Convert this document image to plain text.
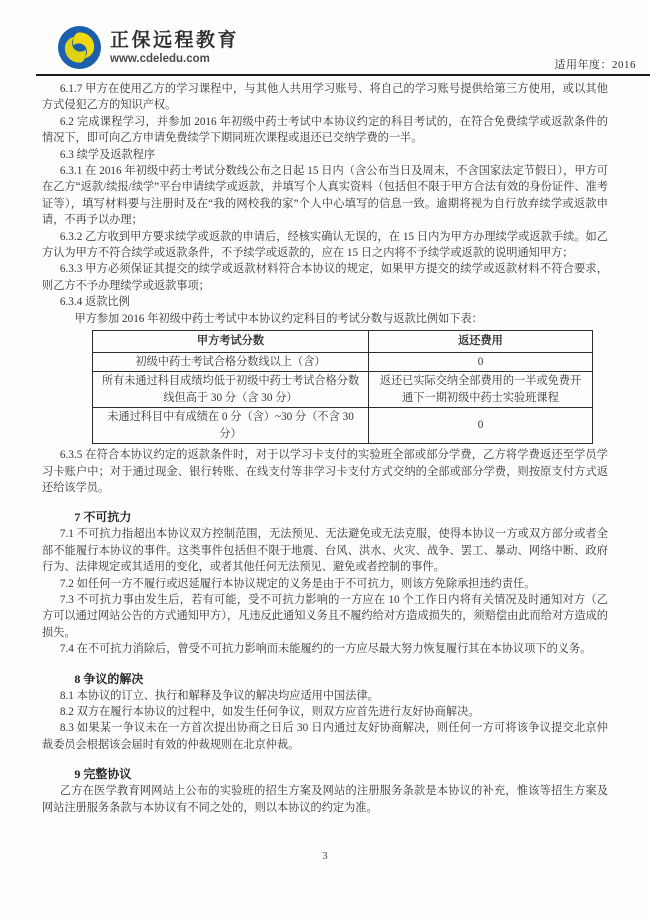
正保远程教育
www.cdeledu.com
适用年度：2016

6.1.7 甲方在使用乙方的学习课程中，与其他人共用学习账号、将自己的学习账号提供给第三方使用，或以其他方式侵犯乙方的知识产权。

6.2 完成课程学习，并参加 2016 年初级中药士考试中本协议约定的科目考试的，在符合免费续学或返款条件的情况下，即可向乙方申请免费续学下期同班次课程或退还已交纳学费的一半。

6.3 续学及返款程序

6.3.1 在 2016 年初级中药士考试分数线公布之日起 15 日内（含公布当日及周末，不含国家法定节假日），甲方可在乙方“返款/续报/续学”平台申请续学或返款，并填写个人真实资料（包括但不限于甲方合法有效的身份证件、准考证等），填写材料要与注册时及在“我的网校我的家”个人中心填写的信息一致。逾期将视为自行放弃续学或返款申请，不再予以办理；

6.3.2 乙方收到甲方要求续学或返款的申请后，经核实确认无误的，在 15 日内为甲方办理续学或返款手续。如乙方认为甲方不符合续学或返款条件，不予续学或返款的，应在 15 日之内将不予续学或返款的说明通知甲方；

6.3.3 甲方必须保证其提交的续学或返款材料符合本协议的规定，如果甲方提交的续学或返款材料不符合要求，则乙方不予办理续学或返款事项；

6.3.4 返款比例

甲方参加 2016 年初级中药士考试中本协议约定科目的考试分数与返款比例如下表：

甲方考试分数	返还费用
初级中药士考试合格分数线以上（含）	0
所有未通过科目成绩均低于初级中药士考试合格分数线但高于 30 分（含 30 分）	返还已实际交纳全部费用的一半或免费开通下一期初级中药士实验班课程
未通过科目中有成绩在 0 分（含）~30 分（不含 30 分）	0

6.3.5 在符合本协议约定的返款条件时，对于以学习卡支付的实验班全部或部分学费，乙方将学费返还至学员学习卡账户中；对于通过现金、银行转账、在线支付等非学习卡支付方式交纳的全部或部分学费，则按原支付方式返还给该学员。

7 不可抗力

7.1 不可抗力指超出本协议双方控制范围，无法预见、无法避免或无法克服，使得本协议一方或双方部分或者全部不能履行本协议的事件。这类事件包括但不限于地震、台风、洪水、火灾、战争、罢工、暴动、网络中断、政府行为、法律规定或其适用的变化，或者其他任何无法预见、避免或者控制的事件。

7.2 如任何一方不履行或迟延履行本协议规定的义务是由于不可抗力，则该方免除承担违约责任。

7.3 不可抗力事由发生后，若有可能，受不可抗力影响的一方应在 10 个工作日内将有关情况及时通知对方（乙方可以通过网站公告的方式通知甲方），凡违反此通知义务且不履约给对方造成损失的，须赔偿由此而给对方造成的损失。

7.4 在不可抗力消除后，曾受不可抗力影响而未能履约的一方应尽最大努力恢复履行其在本协议项下的义务。

8 争议的解决

8.1 本协议的订立、执行和解释及争议的解决均应适用中国法律。

8.2 双方在履行本协议的过程中，如发生任何争议，则双方应首先进行友好协商解决。

8.3 如果某一争议未在一方首次提出协商之日后 30 日内通过友好协商解决，则任何一方可将该争议提交北京仲裁委员会根据该会届时有效的仲裁规则在北京仲裁。

9 完整协议

乙方在医学教育网网站上公布的实验班的招生方案及网站的注册服务条款是本协议的补充，惟该等招生方案及网站注册服务条款与本协议有不同之处的，则以本协议的约定为准。

3
